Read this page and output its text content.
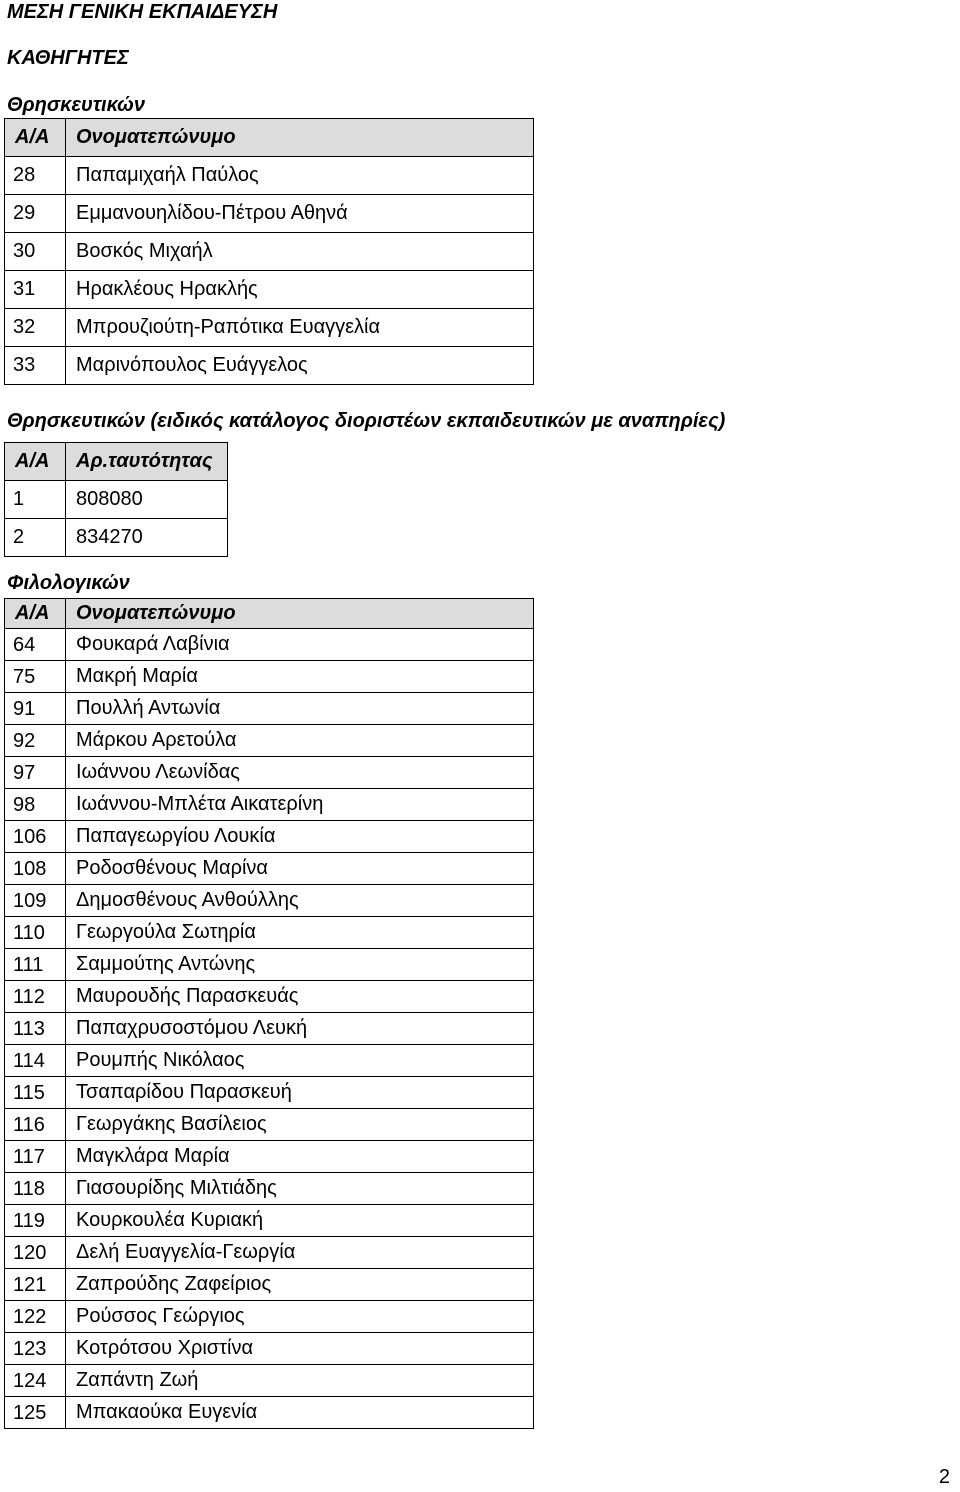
ΜΕΣΗ ΓΕΝΙΚΗ ΕΚΠΑΙΔΕΥΣΗ
ΚΑΘΗΓΗΤΕΣ
Θρησκευτικών
Α/Α	Ονοματεπώνυμο
28	Παπαμιχαήλ Παύλος
29	Εμμανουηλίδου-Πέτρου Αθηνά
30	Βοσκός Μιχαήλ
31	Ηρακλέους Ηρακλής
32	Μπρουζιούτη-Ραπότικα Ευαγγελία
33	Μαρινόπουλος Ευάγγελος
Θρησκευτικών (ειδικός κατάλογος διοριστέων εκπαιδευτικών με αναπηρίες)
Α/Α	Αρ.ταυτότητας
1	808080
2	834270
Φιλολογικών
Α/Α	Ονοματεπώνυμο
64	Φουκαρά Λαβίνια
75	Μακρή Μαρία
91	Πουλλή Αντωνία
92	Μάρκου Αρετούλα
97	Ιωάννου Λεωνίδας
98	Ιωάννου-Μπλέτα Αικατερίνη
106	Παπαγεωργίου Λουκία
108	Ροδοσθένους Μαρίνα
109	Δημοσθένους Ανθούλλης
110	Γεωργούλα Σωτηρία
111	Σαμμούτης Αντώνης
112	Μαυρουδής Παρασκευάς
113	Παπαχρυσοστόμου Λευκή
114	Ρουμπής Νικόλαος
115	Τσαπαρίδου Παρασκευή
116	Γεωργάκης Βασίλειος
117	Μαγκλάρα Μαρία
118	Γιασουρίδης Μιλτιάδης
119	Κουρκουλέα Κυριακή
120	Δελή Ευαγγελία-Γεωργία
121	Ζαπρούδης Ζαφείριος
122	Ρούσσος Γεώργιος
123	Κοτρότσου Χριστίνα
124	Ζαπάντη Ζωή
125	Μπακαούκα Ευγενία
2
